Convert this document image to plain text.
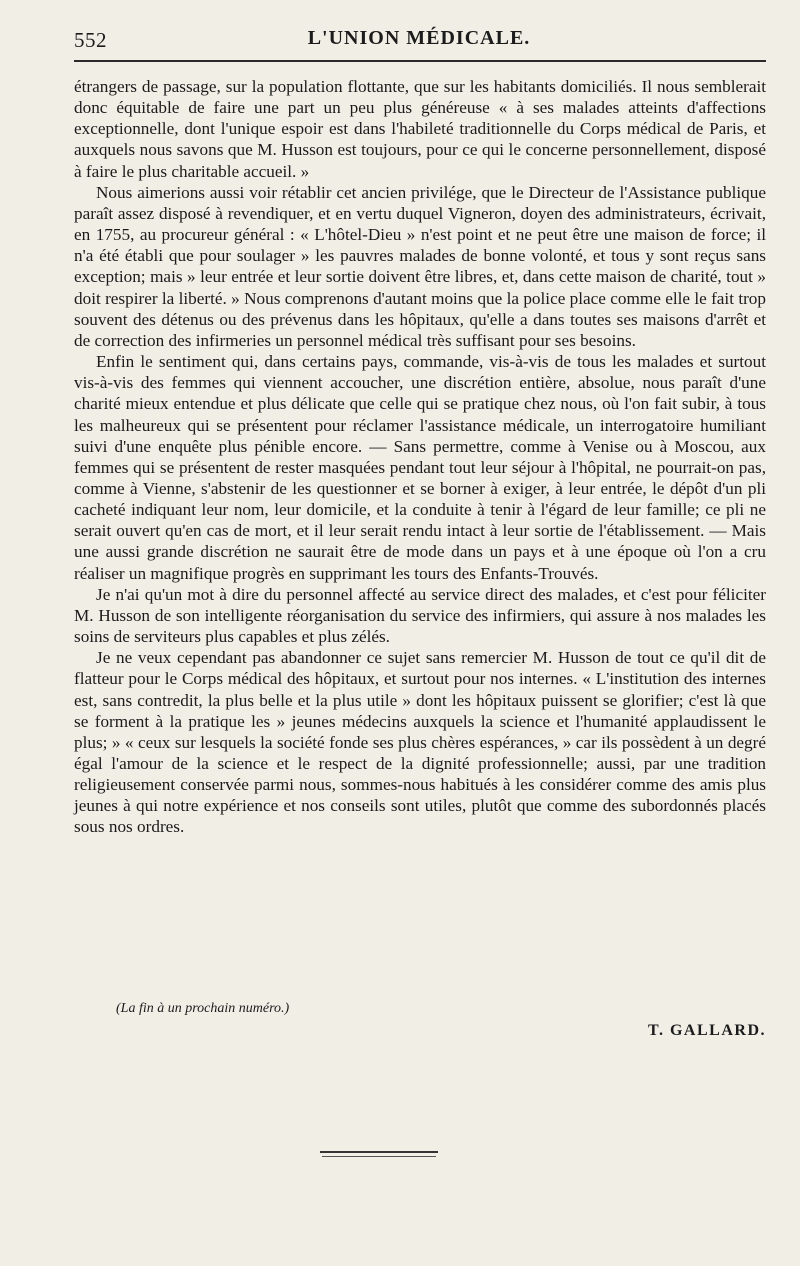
552	L'UNION MÉDICALE.

étrangers de passage, sur la population flottante, que sur les habitants domiciliés. Il nous semblerait donc équitable de faire une part un peu plus généreuse « à ses malades atteints d'affections exceptionnelle, dont l'unique espoir est dans l'habileté traditionnelle du Corps médical de Paris, et auxquels nous savons que M. Husson est toujours, pour ce qui le concerne personnellement, disposé à faire le plus charitable accueil. »

Nous aimerions aussi voir rétablir cet ancien privilége, que le Directeur de l'Assistance publique paraît assez disposé à revendiquer, et en vertu duquel Vigneron, doyen des administrateurs, écrivait, en 1755, au procureur général : « L'hôtel-Dieu » n'est point et ne peut être une maison de force; il n'a été établi que pour soulager » les pauvres malades de bonne volonté, et tous y sont reçus sans exception; mais » leur entrée et leur sortie doivent être libres, et, dans cette maison de charité, tout » doit respirer la liberté. » Nous comprenons d'autant moins que la police place comme elle le fait trop souvent des détenus ou des prévenus dans les hôpitaux, qu'elle a dans toutes ses maisons d'arrêt et de correction des infirmeries un personnel médical très suffisant pour ses besoins.

Enfin le sentiment qui, dans certains pays, commande, vis-à-vis de tous les malades et surtout vis-à-vis des femmes qui viennent accoucher, une discrétion entière, absolue, nous paraît d'une charité mieux entendue et plus délicate que celle qui se pratique chez nous, où l'on fait subir, à tous les malheureux qui se présentent pour réclamer l'assistance médicale, un interrogatoire humiliant suivi d'une enquête plus pénible encore. — Sans permettre, comme à Venise ou à Moscou, aux femmes qui se présentent de rester masquées pendant tout leur séjour à l'hôpital, ne pourrait-on pas, comme à Vienne, s'abstenir de les questionner et se borner à exiger, à leur entrée, le dépôt d'un pli cacheté indiquant leur nom, leur domicile, et la conduite à tenir à l'égard de leur famille; ce pli ne serait ouvert qu'en cas de mort, et il leur serait rendu intact à leur sortie de l'établissement. — Mais une aussi grande discrétion ne saurait être de mode dans un pays et à une époque où l'on a cru réaliser un magnifique progrès en supprimant les tours des Enfants-Trouvés.

Je n'ai qu'un mot à dire du personnel affecté au service direct des malades, et c'est pour féliciter M. Husson de son intelligente réorganisation du service des infirmiers, qui assure à nos malades les soins de serviteurs plus capables et plus zélés.

Je ne veux cependant pas abandonner ce sujet sans remercier M. Husson de tout ce qu'il dit de flatteur pour le Corps médical des hôpitaux, et surtout pour nos internes. « L'institution des internes est, sans contredit, la plus belle et la plus utile » dont les hôpitaux puissent se glorifier; c'est là que se forment à la pratique les » jeunes médecins auxquels la science et l'humanité applaudissent le plus; » « ceux sur lesquels la société fonde ses plus chères espérances, » car ils possèdent à un degré égal l'amour de la science et le respect de la dignité professionnelle; aussi, par une tradition religieusement conservée parmi nous, sommes-nous habitués à les considérer comme des amis plus jeunes à qui notre expérience et nos conseils sont utiles, plutôt que comme des subordonnés placés sous nos ordres.

(La fin à un prochain numéro.)
T. GALLARD.
